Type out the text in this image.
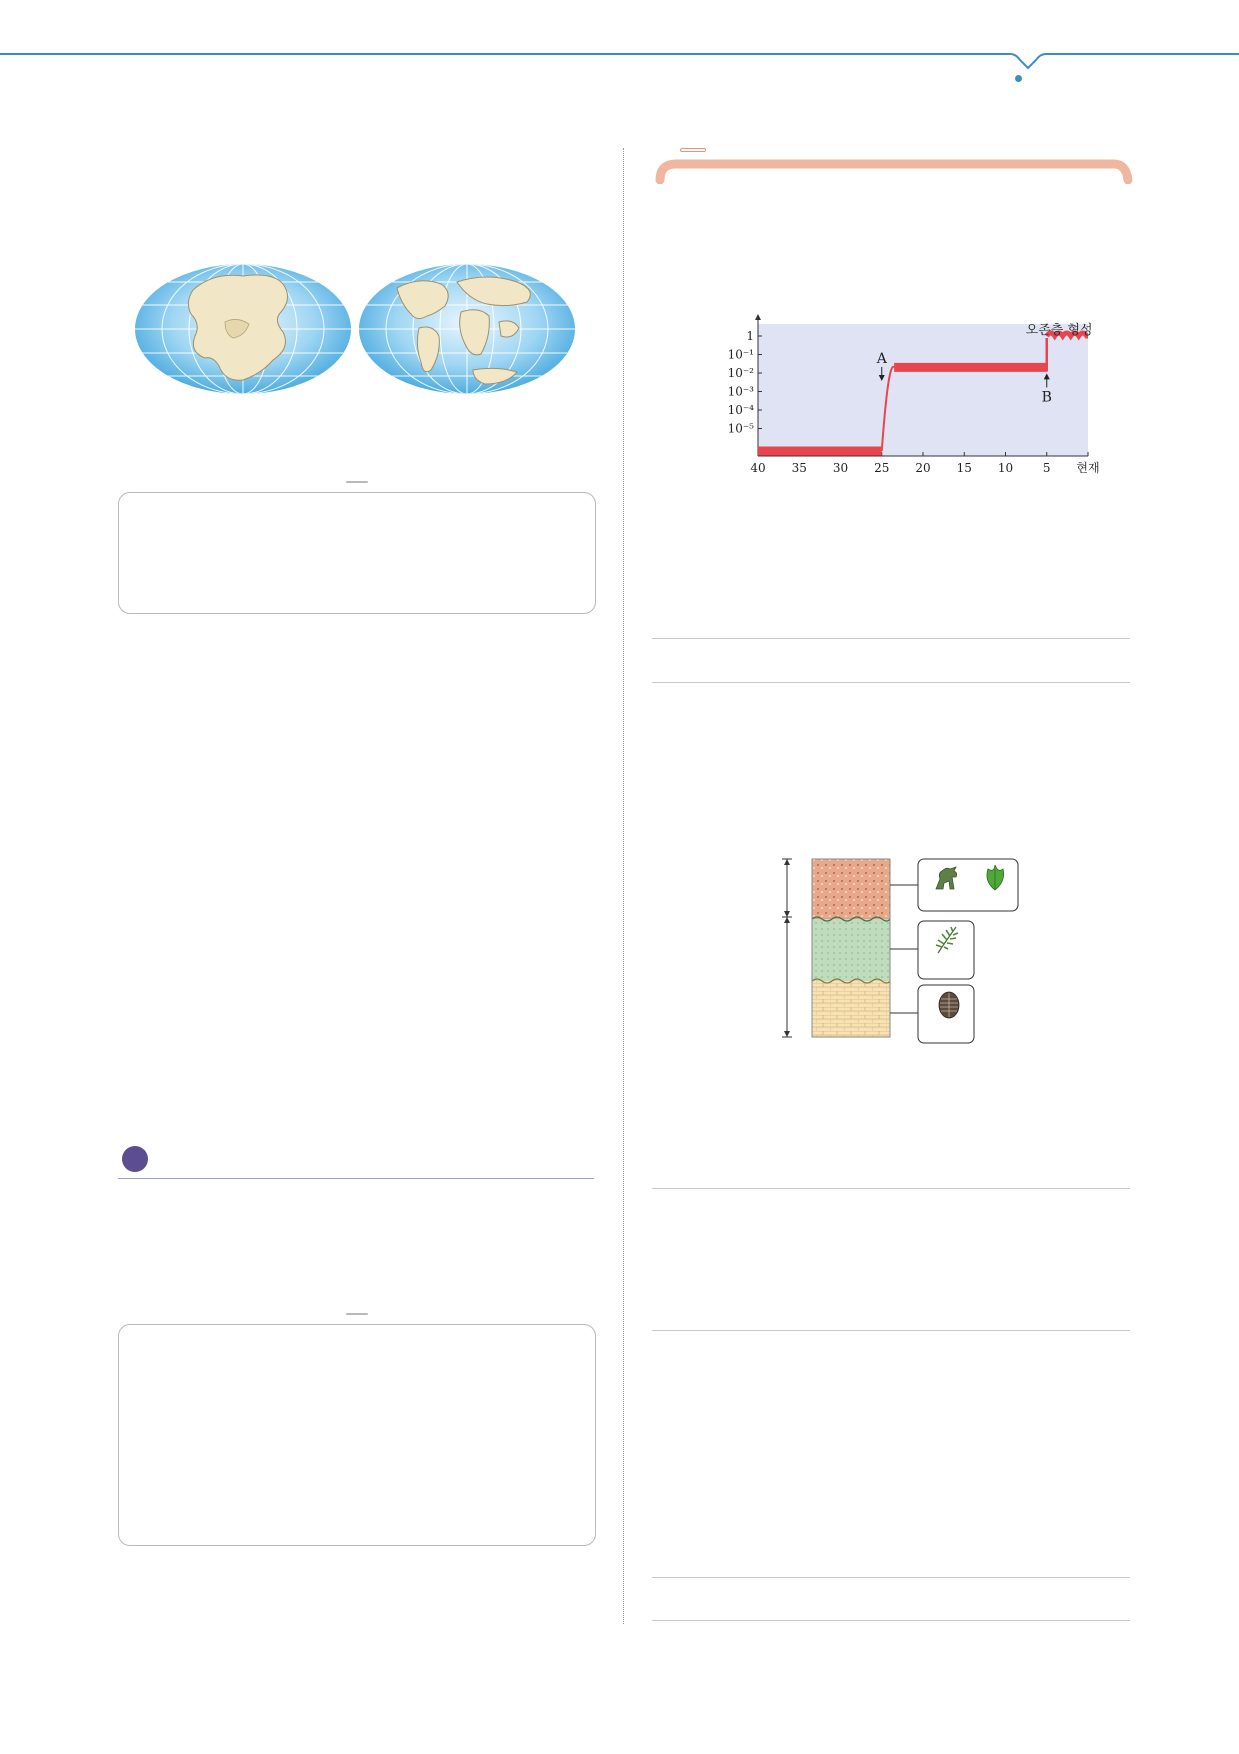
1
10⁻¹
10⁻²
10⁻³
10⁻⁴
10⁻⁵
40 35 30 25 20 15 10 5 현재
A
B
오존층 형성
